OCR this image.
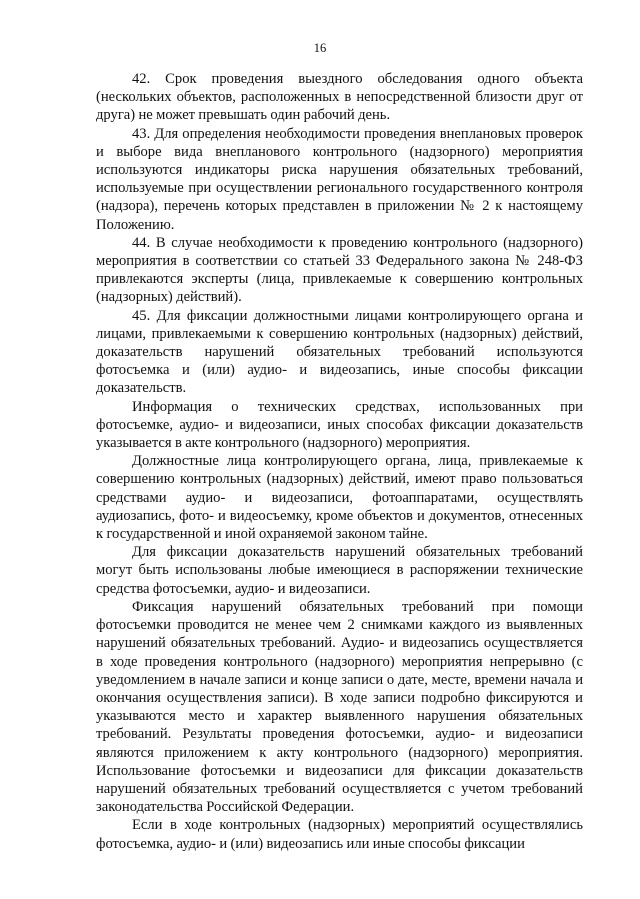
16

42. Срок проведения выездного обследования одного объекта (нескольких объектов, расположенных в непосредственной близости друг от друга) не может превышать один рабочий день.

43. Для определения необходимости проведения внеплановых проверок и выборе вида внепланового контрольного (надзорного) мероприятия используются индикаторы риска нарушения обязательных требований, используемые при осуществлении регионального государственного контроля (надзора), перечень которых представлен в приложении № 2 к настоящему Положению.

44. В случае необходимости к проведению контрольного (надзорного) мероприятия в соответствии со статьей 33 Федерального закона № 248-ФЗ привлекаются эксперты (лица, привлекаемые к совершению контрольных (надзорных) действий).

45. Для фиксации должностными лицами контролирующего органа и лицами, привлекаемыми к совершению контрольных (надзорных) действий, доказательств нарушений обязательных требований используются фотосъемка и (или) аудио- и видеозапись, иные способы фиксации доказательств.

Информация о технических средствах, использованных при фотосъемке, аудио- и видеозаписи, иных способах фиксации доказательств указывается в акте контрольного (надзорного) мероприятия.

Должностные лица контролирующего органа, лица, привлекаемые к совершению контрольных (надзорных) действий, имеют право пользоваться средствами аудио- и видеозаписи, фотоаппаратами, осуществлять аудиозапись, фото- и видеосъемку, кроме объектов и документов, отнесенных к государственной и иной охраняемой законом тайне.

Для фиксации доказательств нарушений обязательных требований могут быть использованы любые имеющиеся в распоряжении технические средства фотосъемки, аудио- и видеозаписи.

Фиксация нарушений обязательных требований при помощи фотосъемки проводится не менее чем 2 снимками каждого из выявленных нарушений обязательных требований. Аудио- и видеозапись осуществляется в ходе проведения контрольного (надзорного) мероприятия непрерывно (с уведомлением в начале записи и конце записи о дате, месте, времени начала и окончания осуществления записи). В ходе записи подробно фиксируются и указываются место и характер выявленного нарушения обязательных требований. Результаты проведения фотосъемки, аудио- и видеозаписи являются приложением к акту контрольного (надзорного) мероприятия. Использование фотосъемки и видеозаписи для фиксации доказательств нарушений обязательных требований осуществляется с учетом требований законодательства Российской Федерации.

Если в ходе контрольных (надзорных) мероприятий осуществлялись фотосъемка, аудио- и (или) видеозапись или иные способы фиксации
